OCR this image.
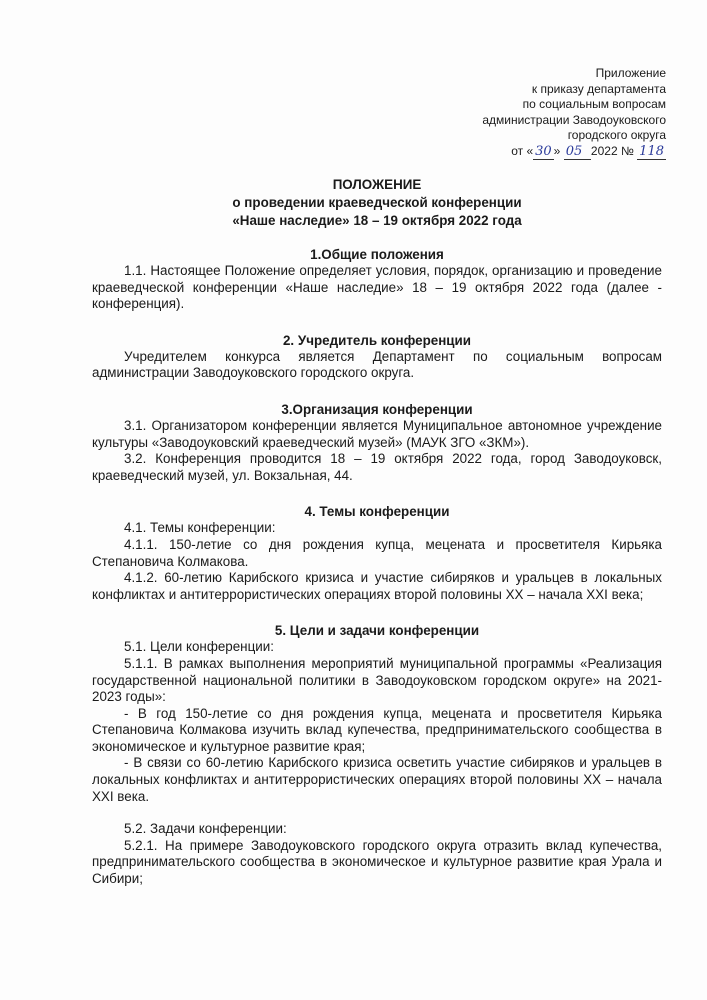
Приложение
к приказу департамента
по социальным вопросам
администрации Заводоуковского
городского округа
от « 30 » 05 2022 № 118
ПОЛОЖЕНИЕ
о проведении краеведческой конференции
«Наше наследие» 18 – 19 октября 2022 года
1.Общие положения

1.1. Настоящее Положение определяет условия, порядок, организацию и проведение краеведческой конференции «Наше наследие» 18 – 19 октября 2022 года (далее - конференция).

2. Учредитель конференции

Учредителем конкурса является Департамент по социальным вопросам администрации Заводоуковского городского округа.

3.Организация конференции

3.1. Организатором конференции является Муниципальное автономное учреждение культуры «Заводоуковский краеведческий музей» (МАУК ЗГО «ЗКМ»).

3.2. Конференция проводится 18 – 19 октября 2022 года, город Заводоуковск, краеведческий музей, ул. Вокзальная, 44.

4. Темы конференции

4.1. Темы конференции:

4.1.1. 150-летие со дня рождения купца, мецената и просветителя Кирьяка Степановича Колмакова.

4.1.2. 60-летию Карибского кризиса и участие сибиряков и уральцев в локальных конфликтах и антитеррористических операциях второй половины XX – начала XXI века;

5. Цели и задачи конференции

5.1. Цели конференции:

5.1.1. В рамках выполнения мероприятий муниципальной программы «Реализация государственной национальной политики в Заводоуковском городском округе» на 2021-2023 годы»:

- В год 150-летие со дня рождения купца, мецената и просветителя Кирьяка Степановича Колмакова изучить вклад купечества, предпринимательского сообщества в экономическое и культурное развитие края;

- В связи со 60-летию Карибского кризиса осветить участие сибиряков и уральцев в локальных конфликтах и антитеррористических операциях второй половины XX – начала XXI века.

5.2. Задачи конференции:

5.2.1. На примере Заводоуковского городского округа отразить вклад купечества, предпринимательского сообщества в экономическое и культурное развитие края Урала и Сибири;
